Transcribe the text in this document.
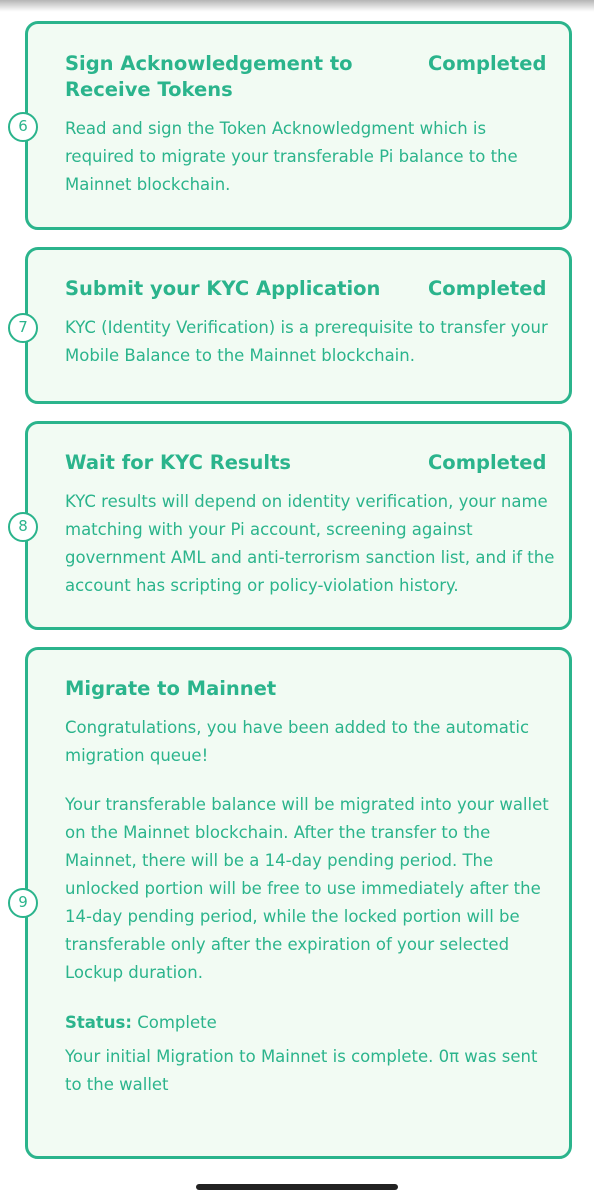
Sign Acknowledgement to Receive Tokens
Completed

Read and sign the Token Acknowledgment which is required to migrate your transferable Pi balance to the Mainnet blockchain.

6
Submit your KYC Application	Completed

KYC (Identity Verification) is a prerequisite to transfer your Mobile Balance to the Mainnet blockchain.

7
Wait for KYC Results	Completed

KYC results will depend on identity verification, your name matching with your Pi account, screening against government AML and anti-terrorism sanction list, and if the account has scripting or policy-violation history.

8
Migrate to Mainnet

Congratulations, you have been added to the automatic migration queue!

Your transferable balance will be migrated into your wallet on the Mainnet blockchain. After the transfer to the Mainnet, there will be a 14-day pending period. The unlocked portion will be free to use immediately after the 14-day pending period, while the locked portion will be transferable only after the expiration of your selected Lockup duration.

Status: Complete

Your initial Migration to Mainnet is complete. 0π was sent to the wallet

9
